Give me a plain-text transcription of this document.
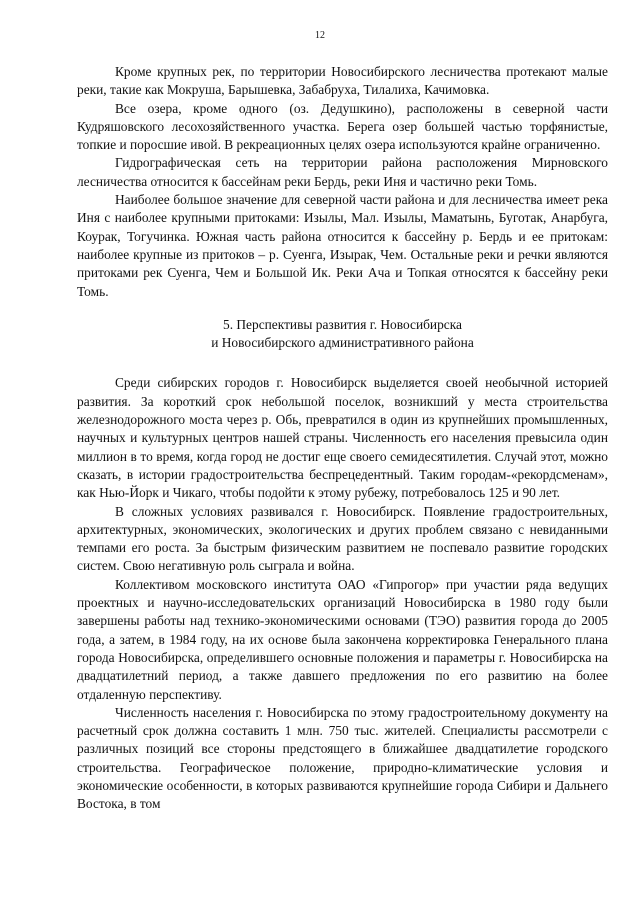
12

Кроме крупных рек, по территории Новосибирского лесничества протекают малые реки, такие как Мокруша, Барышевка, Забабруха, Тилалиха, Качимовка.

Все озера, кроме одного (оз. Дедушкино), расположены в северной части Кудряшовского лесохозяйственного участка. Берега озер большей частью торфянистые, топкие и поросшие ивой. В рекреационных целях озера используются крайне ограниченно.

Гидрографическая сеть на территории района расположения Мирновского лесничества относится к бассейнам реки Бердь, реки Иня и частично реки Томь.

Наиболее большое значение для северной части района и для лесничества имеет река Иня с наиболее крупными притоками: Изылы, Мал. Изылы, Маматынь, Буготак, Анарбуга, Коурак, Тогучинка. Южная часть района относится к бассейну р. Бердь и ее притокам: наиболее крупные из притоков – р. Суенга, Изырак, Чем. Остальные реки и речки являются притоками рек Суенга, Чем и Большой Ик. Реки Ача и Топкая относятся к бассейну реки Томь.

5. Перспективы развития г. Новосибирска
и Новосибирского административного района

Среди сибирских городов г. Новосибирск выделяется своей необычной историей развития. За короткий срок небольшой поселок, возникший у места строительства железнодорожного моста через р. Обь, превратился в один из крупнейших промышленных, научных и культурных центров нашей страны. Численность его населения превысила один миллион в то время, когда город не достиг еще своего семидесятилетия. Случай этот, можно сказать, в истории градостроительства беспрецедентный. Таким городам-«рекордсменам», как Нью-Йорк и Чикаго, чтобы подойти к этому рубежу, потребовалось 125 и 90 лет.

В сложных условиях развивался г. Новосибирск. Появление градостроительных, архитектурных, экономических, экологических и других проблем связано с невиданными темпами его роста. За быстрым физическим развитием не поспевало развитие городских систем. Свою негативную роль сыграла и война.

Коллективом московского института ОАО «Гипрогор» при участии ряда ведущих проектных и научно-исследовательских организаций Новосибирска в 1980 году были завершены работы над технико-экономическими основами (ТЭО) развития города до 2005 года, а затем, в 1984 году, на их основе была закончена корректировка Генерального плана города Новосибирска, определившего основные положения и параметры г. Новосибирска на двадцатилетний период, а также давшего предложения по его развитию на более отдаленную перспективу.

Численность населения г. Новосибирска по этому градостроительному документу на расчетный срок должна составить 1 млн. 750 тыс. жителей. Специалисты рассмотрели с различных позиций все стороны предстоящего в ближайшее двадцатилетие городского строительства. Географическое положение, природно-климатические условия и экономические особенности, в которых развиваются крупнейшие города Сибири и Дальнего Востока, в том
